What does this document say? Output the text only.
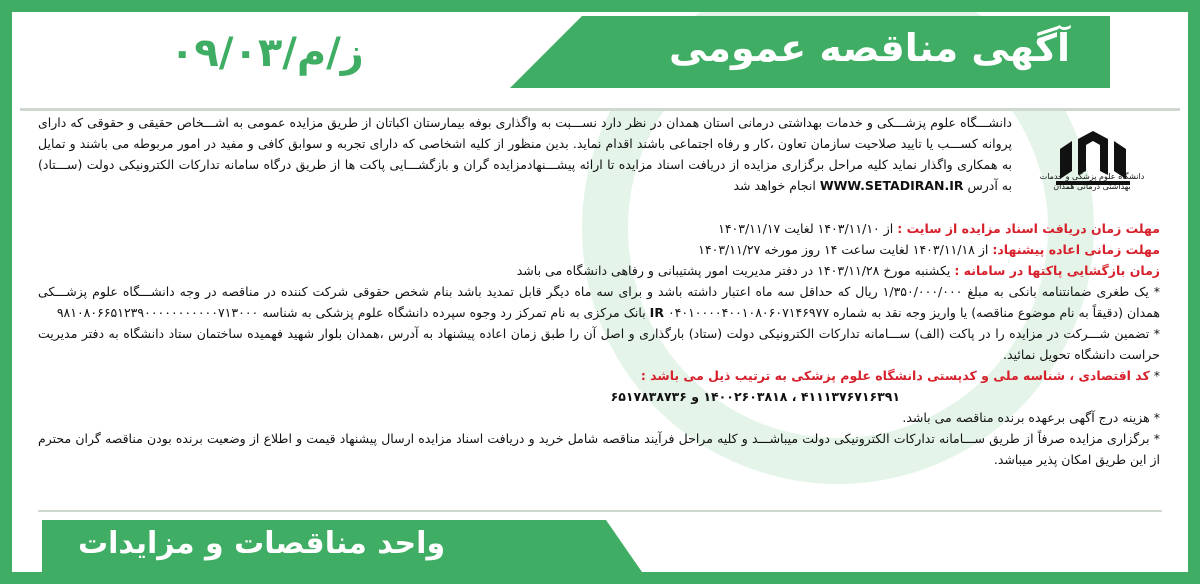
آگهی مناقصه عمومی
۰۹/۰۳/ز/م
دانشگاه علوم پزشکی و خدمات بهداشتی درمانی همدان

دانشـــگاه علوم پزشـــکی و خدمات بهداشتی درمانی استان همدان در نظر دارد نســـبت به واگذاری بوفه بیمارستان اکباتان از طریق مزایده عمومی به اشـــخاص حقیقی و حقوقی که دارای پروانه کســـب یا تایید صلاحیت سازمان تعاون ،کار و رفاه اجتماعی باشند اقدام نماید. بدین منظور از کلیه اشخاصی که دارای تجربه و سوابق کافی و مفید در امور مربوطه می باشند و تمایل به همکاری واگذار نماید کلیه مراحل برگزاری مزایده از دریافت اسناد مزایده تا ارائه پیشـــنهادمزایده گران و بازگشـــایی پاکت ها از طریق درگاه سامانه تدارکات الکترونیکی دولت (ســـتاد) به آدرس WWW.SETADIRAN.IR انجام خواهد شد

مهلت زمان دریافت اسناد مزایده از سایت : از ۱۴۰۳/۱۱/۱۰ لغایت ۱۴۰۳/۱۱/۱۷

مهلت زمانی اعاده پیشنهاد: از ۱۴۰۳/۱۱/۱۸ لغایت ساعت ۱۴ روز مورخه ۱۴۰۳/۱۱/۲۷

زمان بازگشایی پاکتها در سامانه : یکشنبه مورخ ۱۴۰۳/۱۱/۲۸ در دفتر مدیریت امور پشتیبانی و رفاهی دانشگاه می باشد

* یک طغری ضمانتنامه بانکی به مبلغ ۱/۳۵۰/۰۰۰/۰۰۰ ریال که حداقل سه ماه اعتبار داشته باشد و برای سه ماه دیگر قابل تمدید باشد بنام شخص حقوقی شرکت کننده در مناقصه در وجه دانشـــگاه علوم پزشـــکی همدان (دقیقاً به نام موضوع مناقصه) یا واریز وجه نقد به شماره ۰۴۰۱۰۰۰۰۴۰۰۱۰۸۰۶۰۷۱۴۶۹۷۷ IR بانک مرکزی به نام تمرکز رد وجوه سپرده دانشگاه علوم پزشکی به شناسه ۹۸۱۰۸۰۶۶۵۱۲۳۹۰۰۰۰۰۰۰۰۰۰۰۷۱۳۰۰۰

* تضمین شـــرکت در مزایده را در پاکت (الف) ســـامانه تدارکات الکترونیکی دولت (ستاد) بارگذاری و اصل آن را طبق زمان اعاده پیشنهاد به آدرس ،همدان بلوار شهید فهمیده ساختمان ستاد دانشگاه به دفتر مدیریت حراست دانشگاه تحویل نمائید.

* کد اقتصادی ، شناسه ملی و کدپستی دانشگاه علوم پزشکی به ترتیب ذیل می باشد :

۴۱۱۱۳۷۶۷۱۶۳۹۱ ، ۱۴۰۰۲۶۰۳۸۱۸ و ۶۵۱۷۸۳۸۷۳۶

* هزینه درج آگهی برعهده برنده مناقصه می باشد.

* برگزاری مزایده صرفاً از طریق ســـامانه تدارکات الکترونیکی دولت میباشـــد و کلیه مراحل فرآیند مناقصه شامل خرید و دریافت اسناد مزایده ارسال پیشنهاد قیمت و اطلاع از وضعیت برنده بودن مناقصه گران محترم از این طریق امکان پذیر میباشد.

واحد مناقصات و مزایدات
